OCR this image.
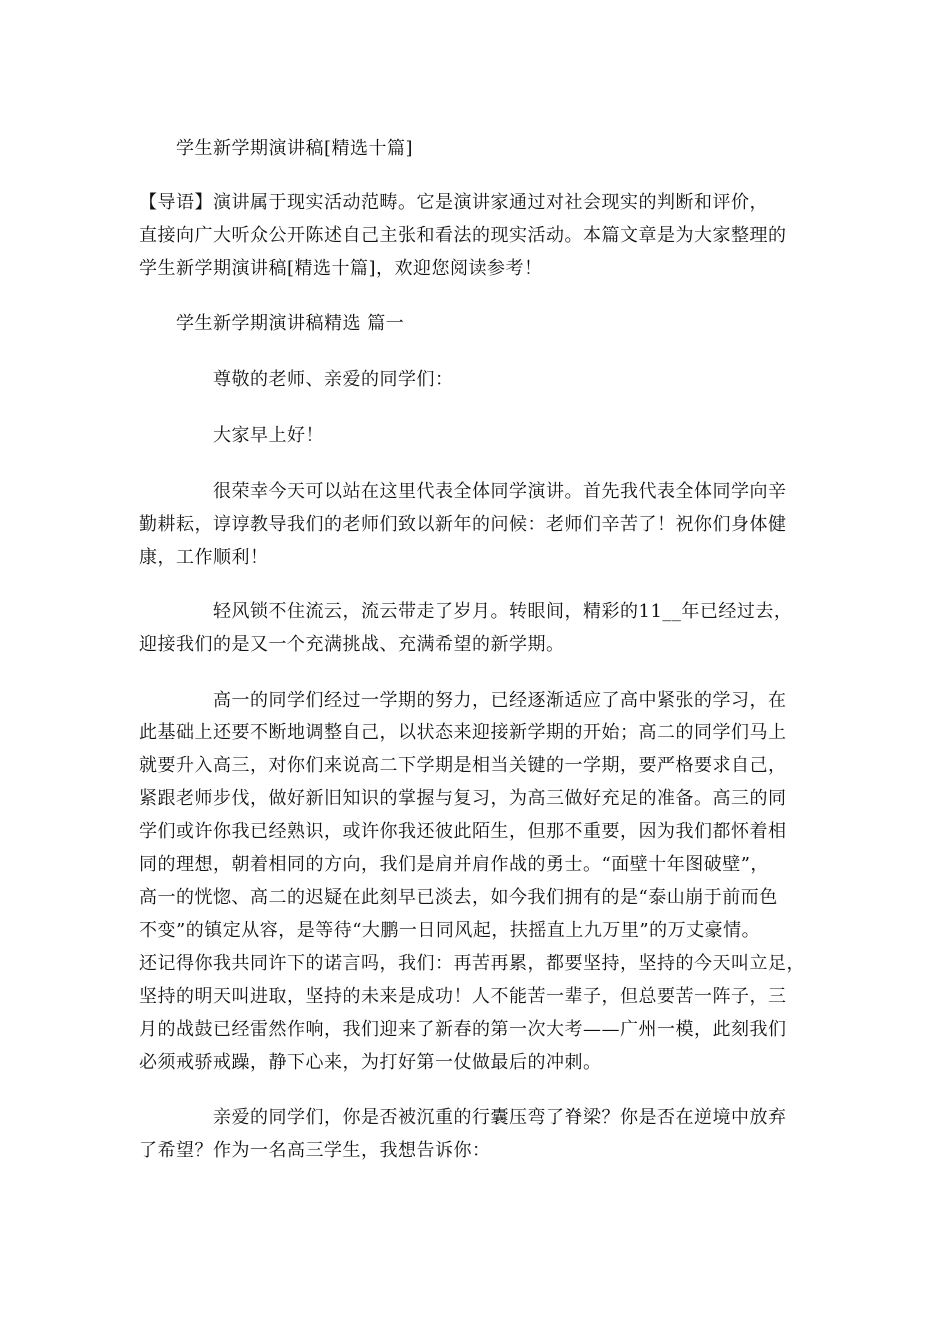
学生新学期演讲稿[精选十篇]
【导语】演讲属于现实活动范畴。它是演讲家通过对社会现实的判断和评价，
直接向广大听众公开陈述自己主张和看法的现实活动。本篇文章是为大家整理的
学生新学期演讲稿[精选十篇]，欢迎您阅读参考！
学生新学期演讲稿精选 篇一
尊敬的老师、亲爱的同学们：
大家早上好！
很荣幸今天可以站在这里代表全体同学演讲。首先我代表全体同学向辛
勤耕耘，谆谆教导我们的老师们致以新年的问候：老师们辛苦了！祝你们身体健
康，工作顺利！
轻风锁不住流云，流云带走了岁月。转眼间，精彩的11__年已经过去，
迎接我们的是又一个充满挑战、充满希望的新学期。
高一的同学们经过一学期的努力，已经逐渐适应了高中紧张的学习，在
此基础上还要不断地调整自己，以状态来迎接新学期的开始；高二的同学们马上
就要升入高三，对你们来说高二下学期是相当关键的一学期，要严格要求自己，
紧跟老师步伐，做好新旧知识的掌握与复习，为高三做好充足的准备。高三的同
学们或许你我已经熟识，或许你我还彼此陌生，但那不重要，因为我们都怀着相
同的理想，朝着相同的方向，我们是肩并肩作战的勇士。“面壁十年图破壁”，
高一的恍惚、高二的迟疑在此刻早已淡去，如今我们拥有的是“泰山崩于前而色
不变”的镇定从容，是等待“大鹏一日同风起，扶摇直上九万里”的万丈豪情。
还记得你我共同许下的诺言吗，我们：再苦再累，都要坚持，坚持的今天叫立足，
坚持的明天叫进取，坚持的未来是成功！人不能苦一辈子，但总要苦一阵子，三
月的战鼓已经雷然作响，我们迎来了新春的第一次大考——广州一模，此刻我们
必须戒骄戒躁，静下心来，为打好第一仗做最后的冲刺。
亲爱的同学们，你是否被沉重的行囊压弯了脊梁？你是否在逆境中放弃
了希望？作为一名高三学生，我想告诉你：
